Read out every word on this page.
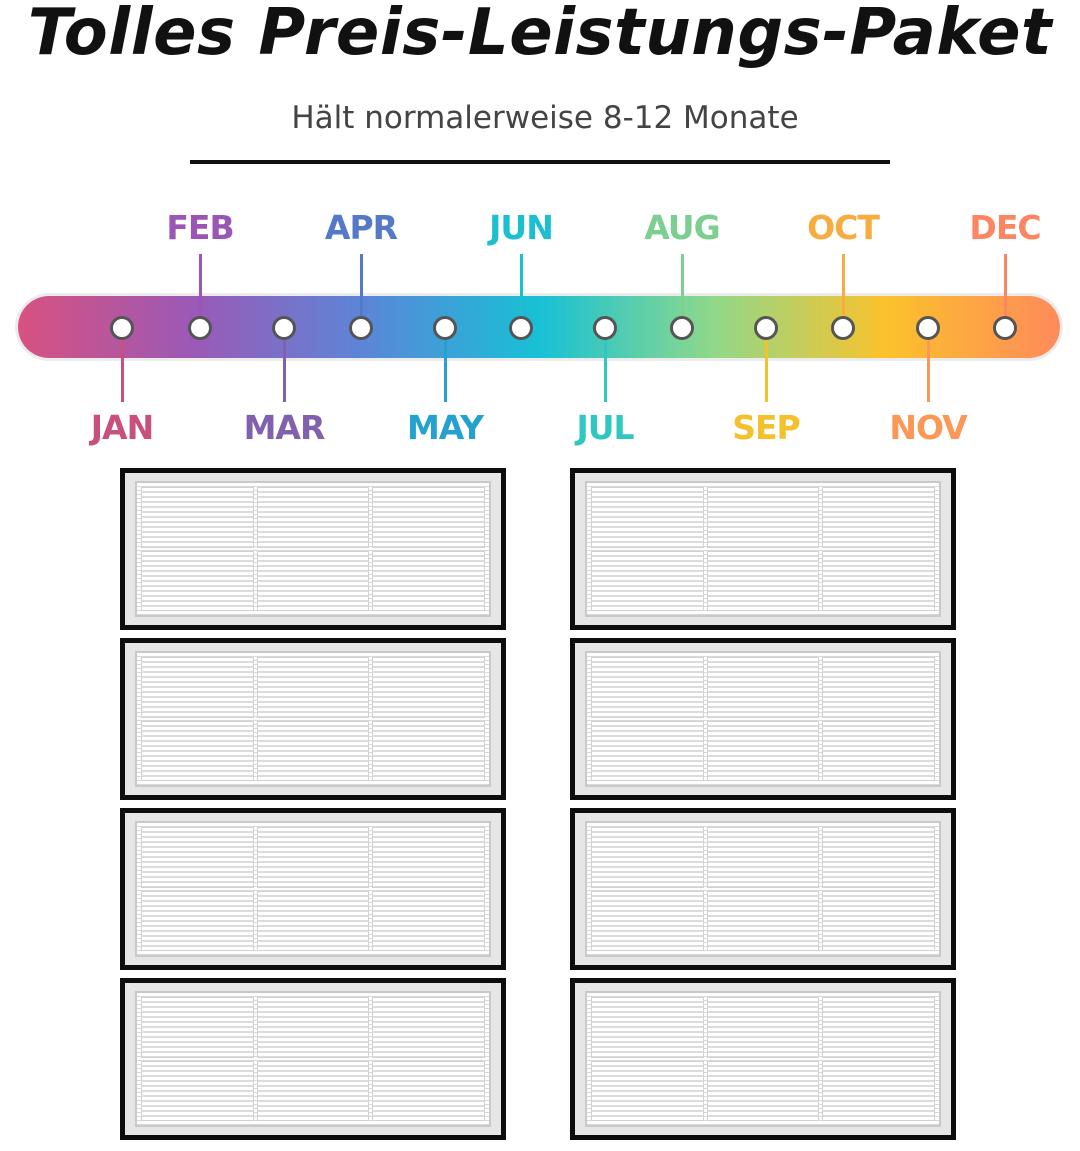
Tolles Preis-Leistungs-Paket
Hält normalerweise 8-12 Monate
JAN
FEB
MAR
APR
MAY
JUN
JUL
AUG
SEP
OCT
NOV
DEC
